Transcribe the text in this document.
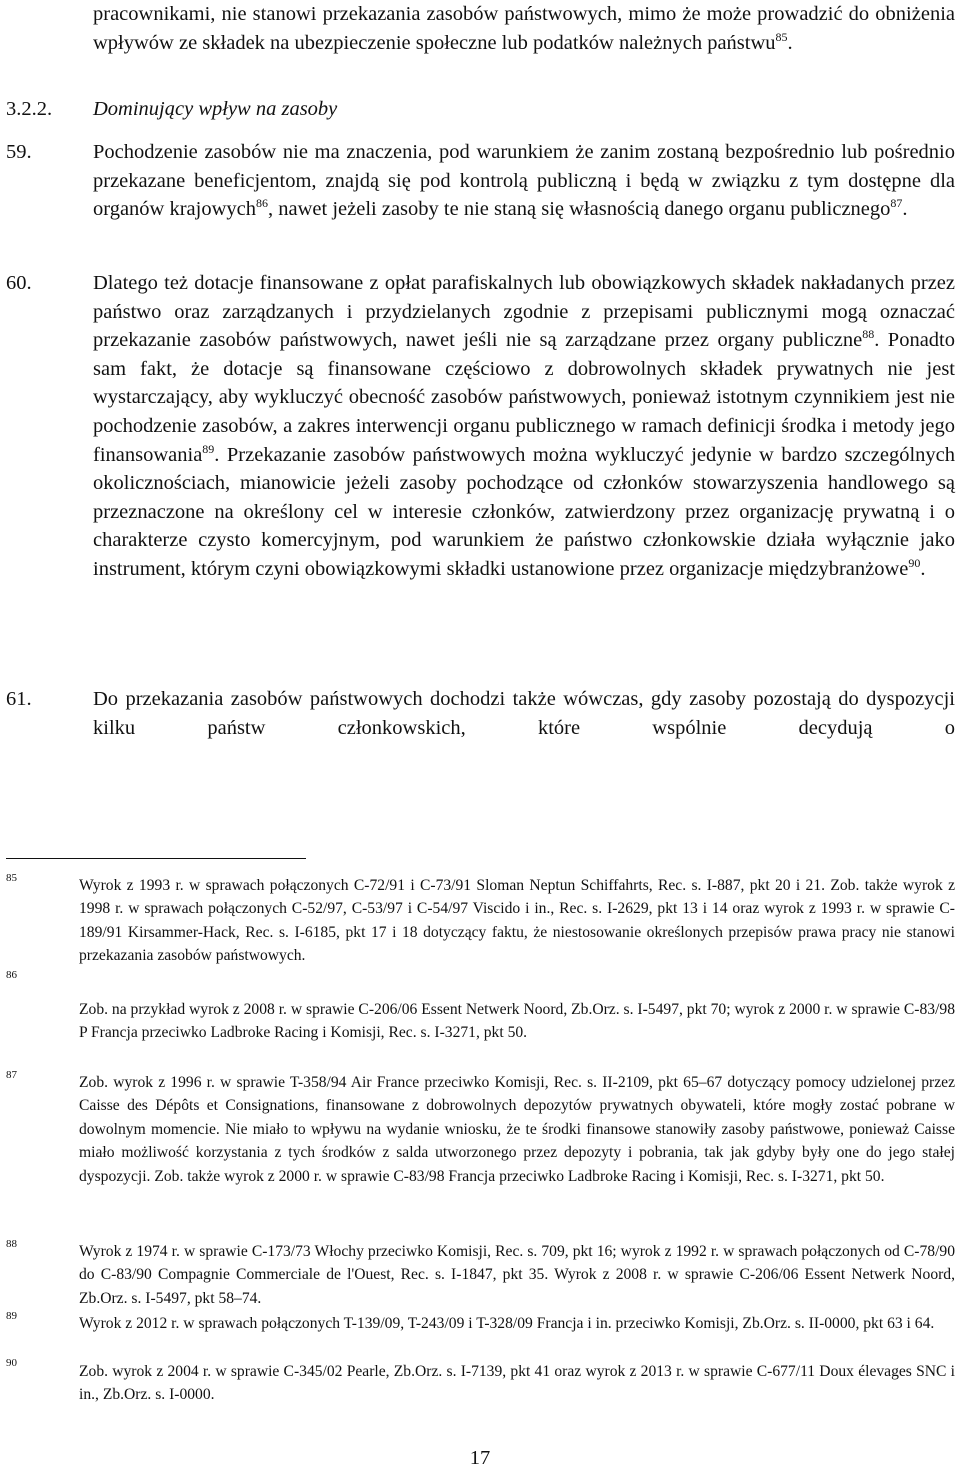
pracownikami, nie stanowi przekazania zasobów państwowych, mimo że może prowadzić do obniżenia wpływów ze składek na ubezpieczenie społeczne lub podatków należnych państwu$^{85}$.

3.2.2. Dominujący wpływ na zasoby
59.	Pochodzenie zasobów nie ma znaczenia, pod warunkiem że zanim zostaną bezpośrednio lub pośrednio przekazane beneficjentom, znajdą się pod kontrolą publiczną i będą w związku z tym dostępne dla organów krajowych$^{86}$, nawet jeżeli zasoby te nie staną się własnością danego organu publicznego$^{87}$.

60.	Dlatego też dotacje finansowane z opłat parafiskalnych lub obowiązkowych składek nakładanych przez państwo oraz zarządzanych i przydzielanych zgodnie z przepisami publicznymi mogą oznaczać przekazanie zasobów państwowych, nawet jeśli nie są zarządzane przez organy publiczne$^{88}$. Ponadto sam fakt, że dotacje są finansowane częściowo z dobrowolnych składek prywatnych nie jest wystarczający, aby wykluczyć obecność zasobów państwowych, ponieważ istotnym czynnikiem jest nie pochodzenie zasobów, a zakres interwencji organu publicznego w ramach definicji środka i metody jego finansowania$^{89}$. Przekazanie zasobów państwowych można wykluczyć jedynie w bardzo szczególnych okolicznościach, mianowicie jeżeli zasoby pochodzące od członków stowarzyszenia handlowego są przeznaczone na określony cel w interesie członków, zatwierdzony przez organizację prywatną i o charakterze czysto komercyjnym, pod warunkiem że państwo członkowskie działa wyłącznie jako instrument, którym czyni obowiązkowymi składki ustanowione przez organizacje międzybranżowe$^{90}$.

61.	Do przekazania zasobów państwowych dochodzi także wówczas, gdy zasoby pozostają do dyspozycji kilku państw członkowskich, które wspólnie decydują o

85	Wyrok z 1993 r. w sprawach połączonych C-72/91 i C-73/91 Sloman Neptun Schiffahrts, Rec. s. I-887, pkt 20 i 21. Zob. także wyrok z 1998 r. w sprawach połączonych C-52/97, C-53/97 i C-54/97 Viscido i in., Rec. s. I-2629, pkt 13 i 14 oraz wyrok z 1993 r. w sprawie C-189/91 Kirsammer-Hack, Rec. s. I-6185, pkt 17 i 18 dotyczący faktu, że niestosowanie określonych przepisów prawa pracy nie stanowi przekazania zasobów państwowych.

86

Zob. na przykład wyrok z 2008 r. w sprawie C-206/06 Essent Netwerk Noord, Zb.Orz. s. I-5497, pkt 70; wyrok z 2000 r. w sprawie C-83/98 P Francja przeciwko Ladbroke Racing i Komisji, Rec. s. I-3271, pkt 50.

87	Zob. wyrok z 1996 r. w sprawie T-358/94 Air France przeciwko Komisji, Rec. s. II-2109, pkt 65–67 dotyczący pomocy udzielonej przez Caisse des Dépôts et Consignations, finansowane z dobrowolnych depozytów prywatnych obywateli, które mogły zostać pobrane w dowolnym momencie. Nie miało to wpływu na wydanie wniosku, że te środki finansowe stanowiły zasoby państwowe, ponieważ Caisse miało możliwość korzystania z tych środków z salda utworzonego przez depozyty i pobrania, tak jak gdyby były one do jego stałej dyspozycji. Zob. także wyrok z 2000 r. w sprawie C-83/98 Francja przeciwko Ladbroke Racing i Komisji, Rec. s. I-3271, pkt 50.

88	Wyrok z 1974 r. w sprawie C-173/73 Włochy przeciwko Komisji, Rec. s. 709, pkt 16; wyrok z 1992 r. w sprawach połączonych od C-78/90 do C-83/90 Compagnie Commerciale de l'Ouest, Rec. s. I-1847, pkt 35. Wyrok z 2008 r. w sprawie C-206/06 Essent Netwerk Noord, Zb.Orz. s. I-5497, pkt 58–74.

89	Wyrok z 2012 r. w sprawach połączonych T-139/09, T-243/09 i T-328/09 Francja i in. przeciwko Komisji, Zb.Orz. s. II-0000, pkt 63 i 64.

90	Zob. wyrok z 2004 r. w sprawie C-345/02 Pearle, Zb.Orz. s. I-7139, pkt 41 oraz wyrok z 2013 r. w sprawie C-677/11 Doux élevages SNC i in., Zb.Orz. s. I-0000.

17
